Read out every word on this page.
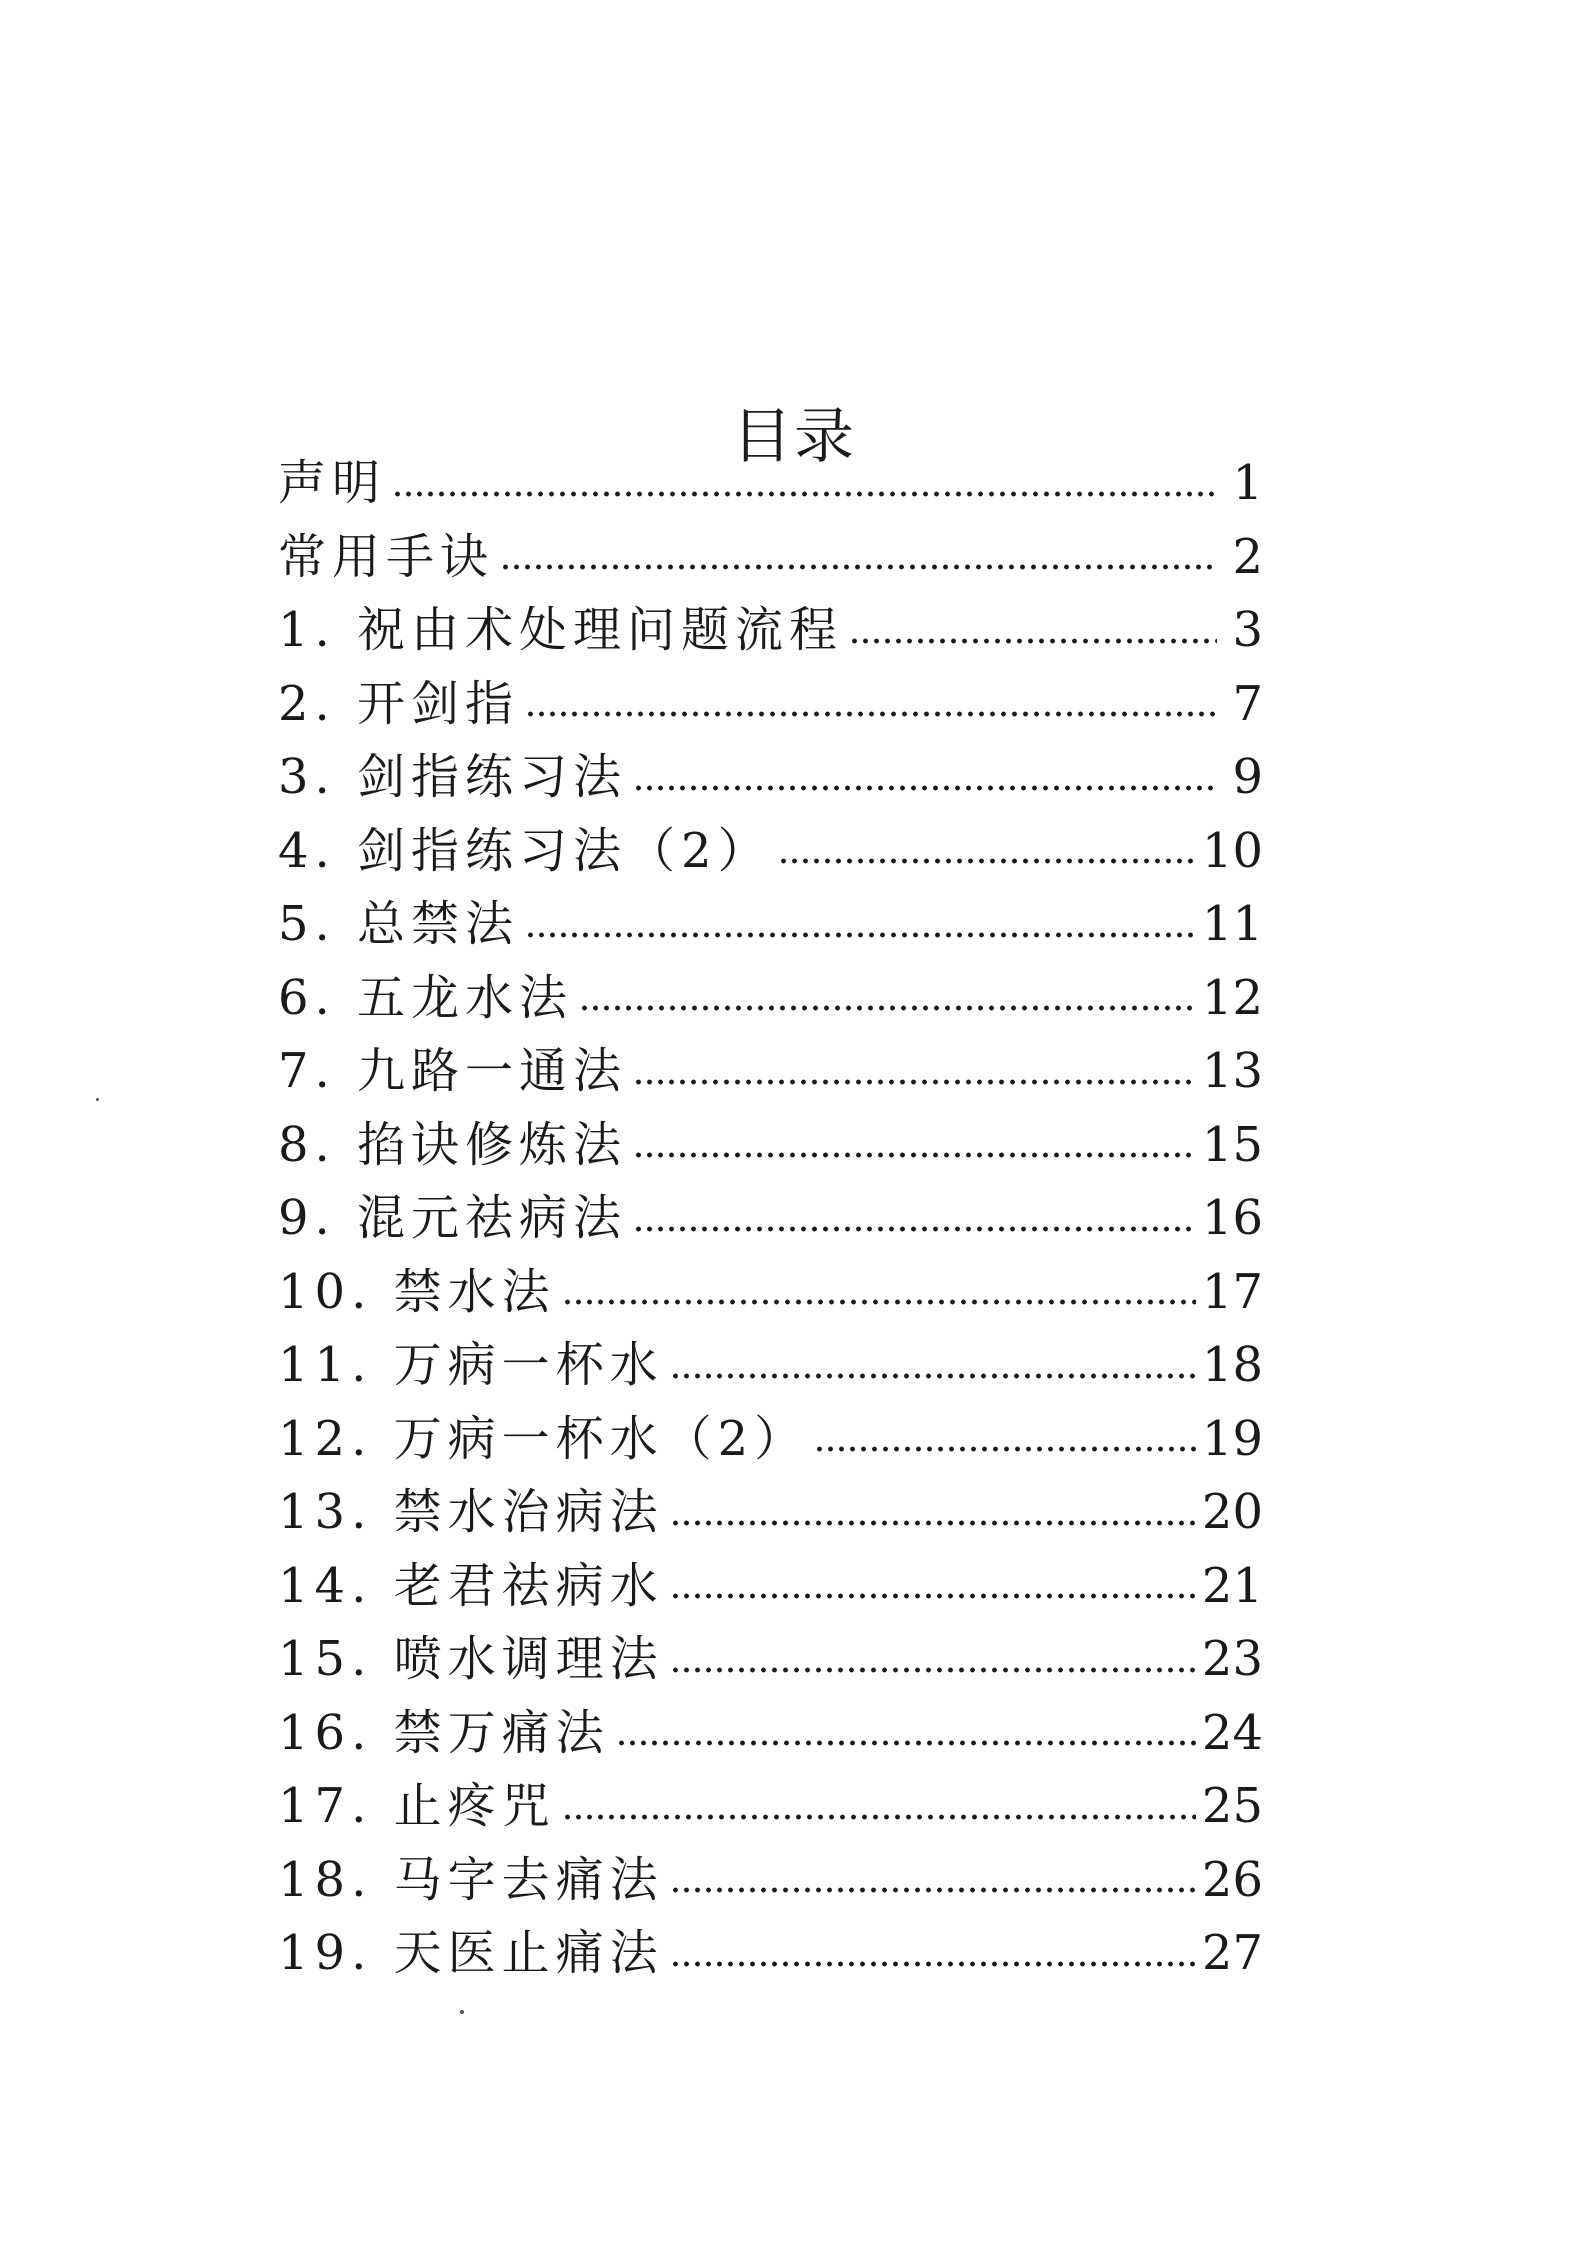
目录
声明	1
常用手诀	2
1. 祝由术处理问题流程	3
2. 开剑指	7
3. 剑指练习法	9
4. 剑指练习法（2）	10
5. 总禁法	11
6. 五龙水法	12
7. 九路一通法	13
8. 掐诀修炼法	15
9. 混元祛病法	16
10. 禁水法	17
11. 万病一杯水	18
12. 万病一杯水（2）	19
13. 禁水治病法	20
14. 老君祛病水	21
15. 喷水调理法	23
16. 禁万痛法	24
17. 止疼咒	25
18. 马字去痛法	26
19. 天医止痛法	27
